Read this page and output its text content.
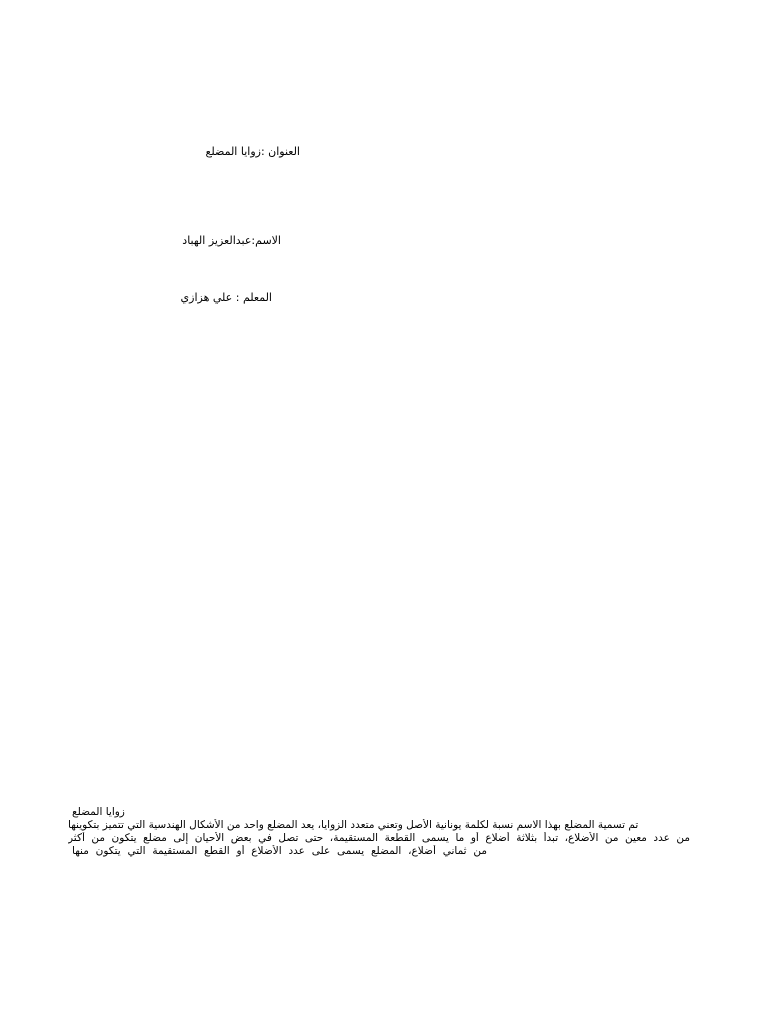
العنوان :زوايا المضلع
الاسم:عبدالعزيز الهباد
المعلم : علي هزازي
زوايا المضلع
تم تسمية المضلع بهذا الاسم نسبة لكلمة يونانية الأصل وتعني متعدد الزوايا، يعد المضلع واحد من الأشكال الهندسية التي تتميز بتكوينها
من عدد معين من الأضلاع، تبدأ بثلاثة أضلاع أو ما يسمى القطعة المستقيمة، حتى تصل في بعض الأحيان إلى مضلع يتكون من أكثر
من ثماني أضلاع، المضلع يسمى على عدد الأضلاع أو القطع المستقيمة التي يتكون منها
